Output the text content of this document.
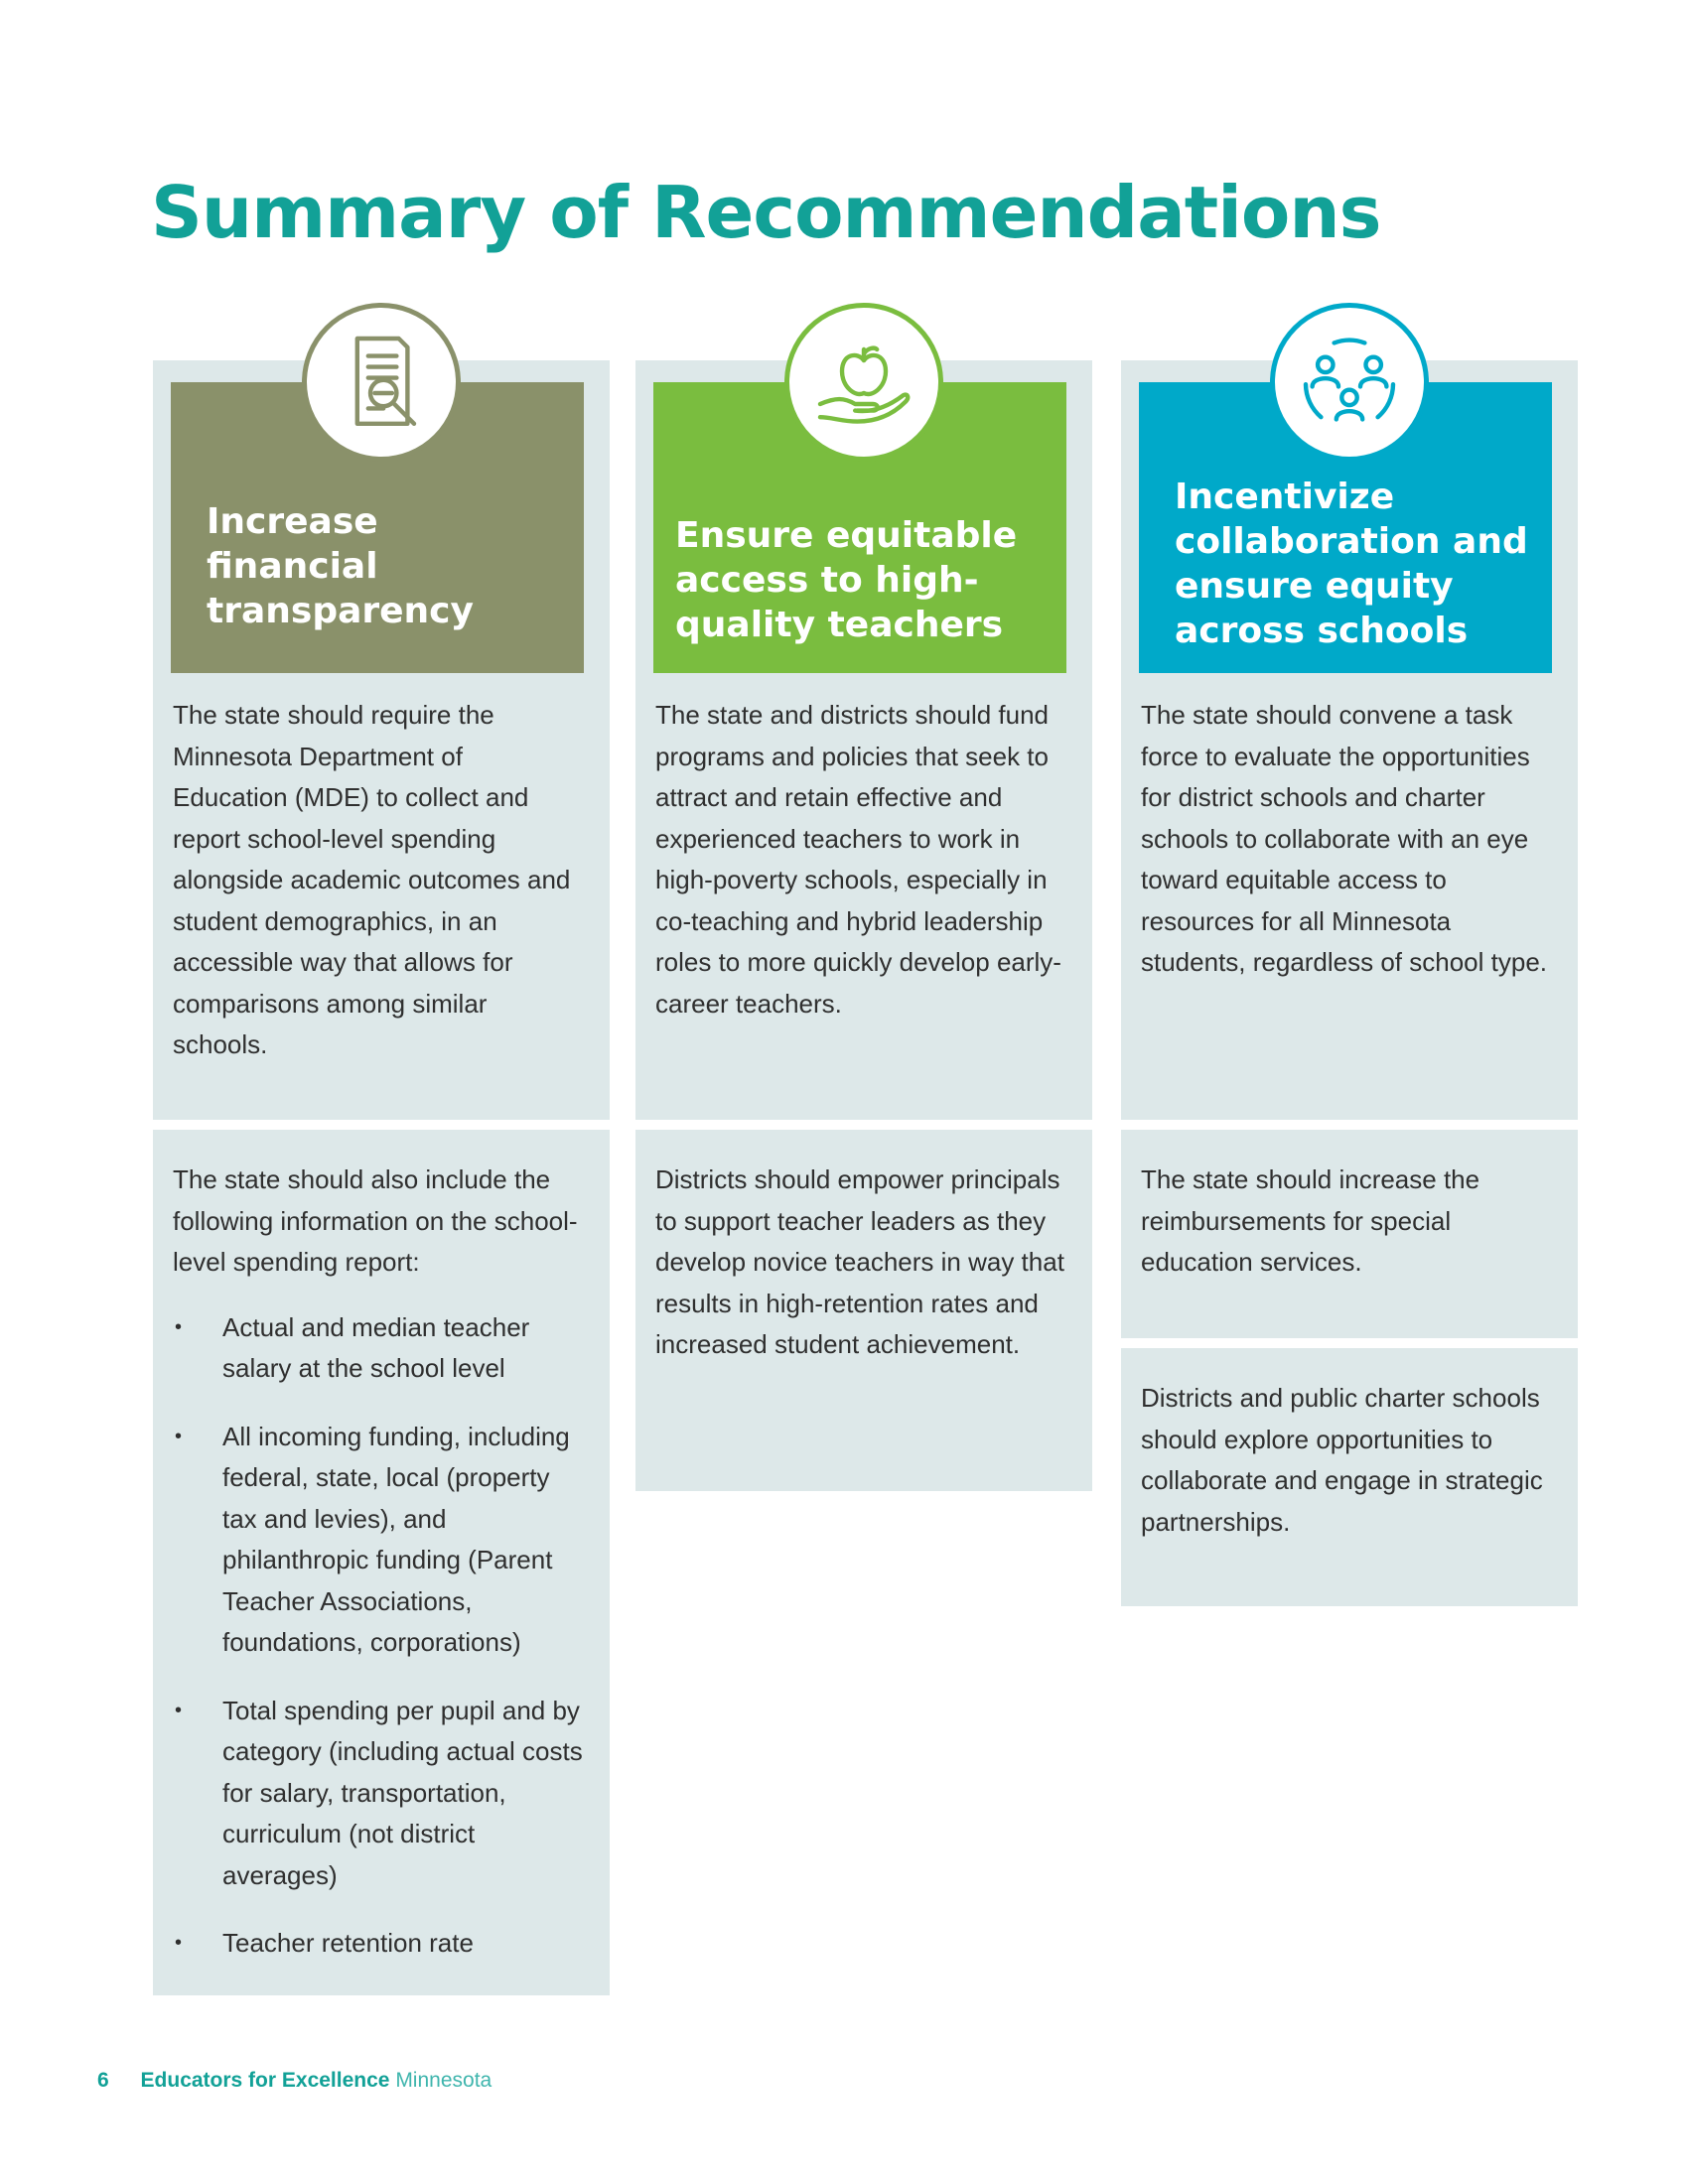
Summary of Recommendations
Increase financial transparency

The state should require the Minnesota Department of Education (MDE) to collect and report school-level spending alongside academic outcomes and student demographics, in an accessible way that allows for comparisons among similar schools.

The state should also include the following information on the school-level spending report:

• Actual and median teacher salary at the school level
• All incoming funding, including federal, state, local (property tax and levies), and philanthropic funding (Parent Teacher Associations, foundations, corporations)
• Total spending per pupil and by category (including actual costs for salary, transportation, curriculum (not district averages)
• Teacher retention rate
Ensure equitable access to high-quality teachers

The state and districts should fund programs and policies that seek to attract and retain effective and experienced teachers to work in high-poverty schools, especially in co-teaching and hybrid leadership roles to more quickly develop early-career teachers.

Districts should empower principals to support teacher leaders as they develop novice teachers in way that results in high-retention rates and increased student achievement.

Incentivize collaboration and ensure equity across schools

The state should convene a task force to evaluate the opportunities for district schools and charter schools to collaborate with an eye toward equitable access to resources for all Minnesota students, regardless of school type.

The state should increase the reimbursements for special education services.

Districts and public charter schools should explore opportunities to collaborate and engage in strategic partnerships.

6 Educators for Excellence Minnesota
